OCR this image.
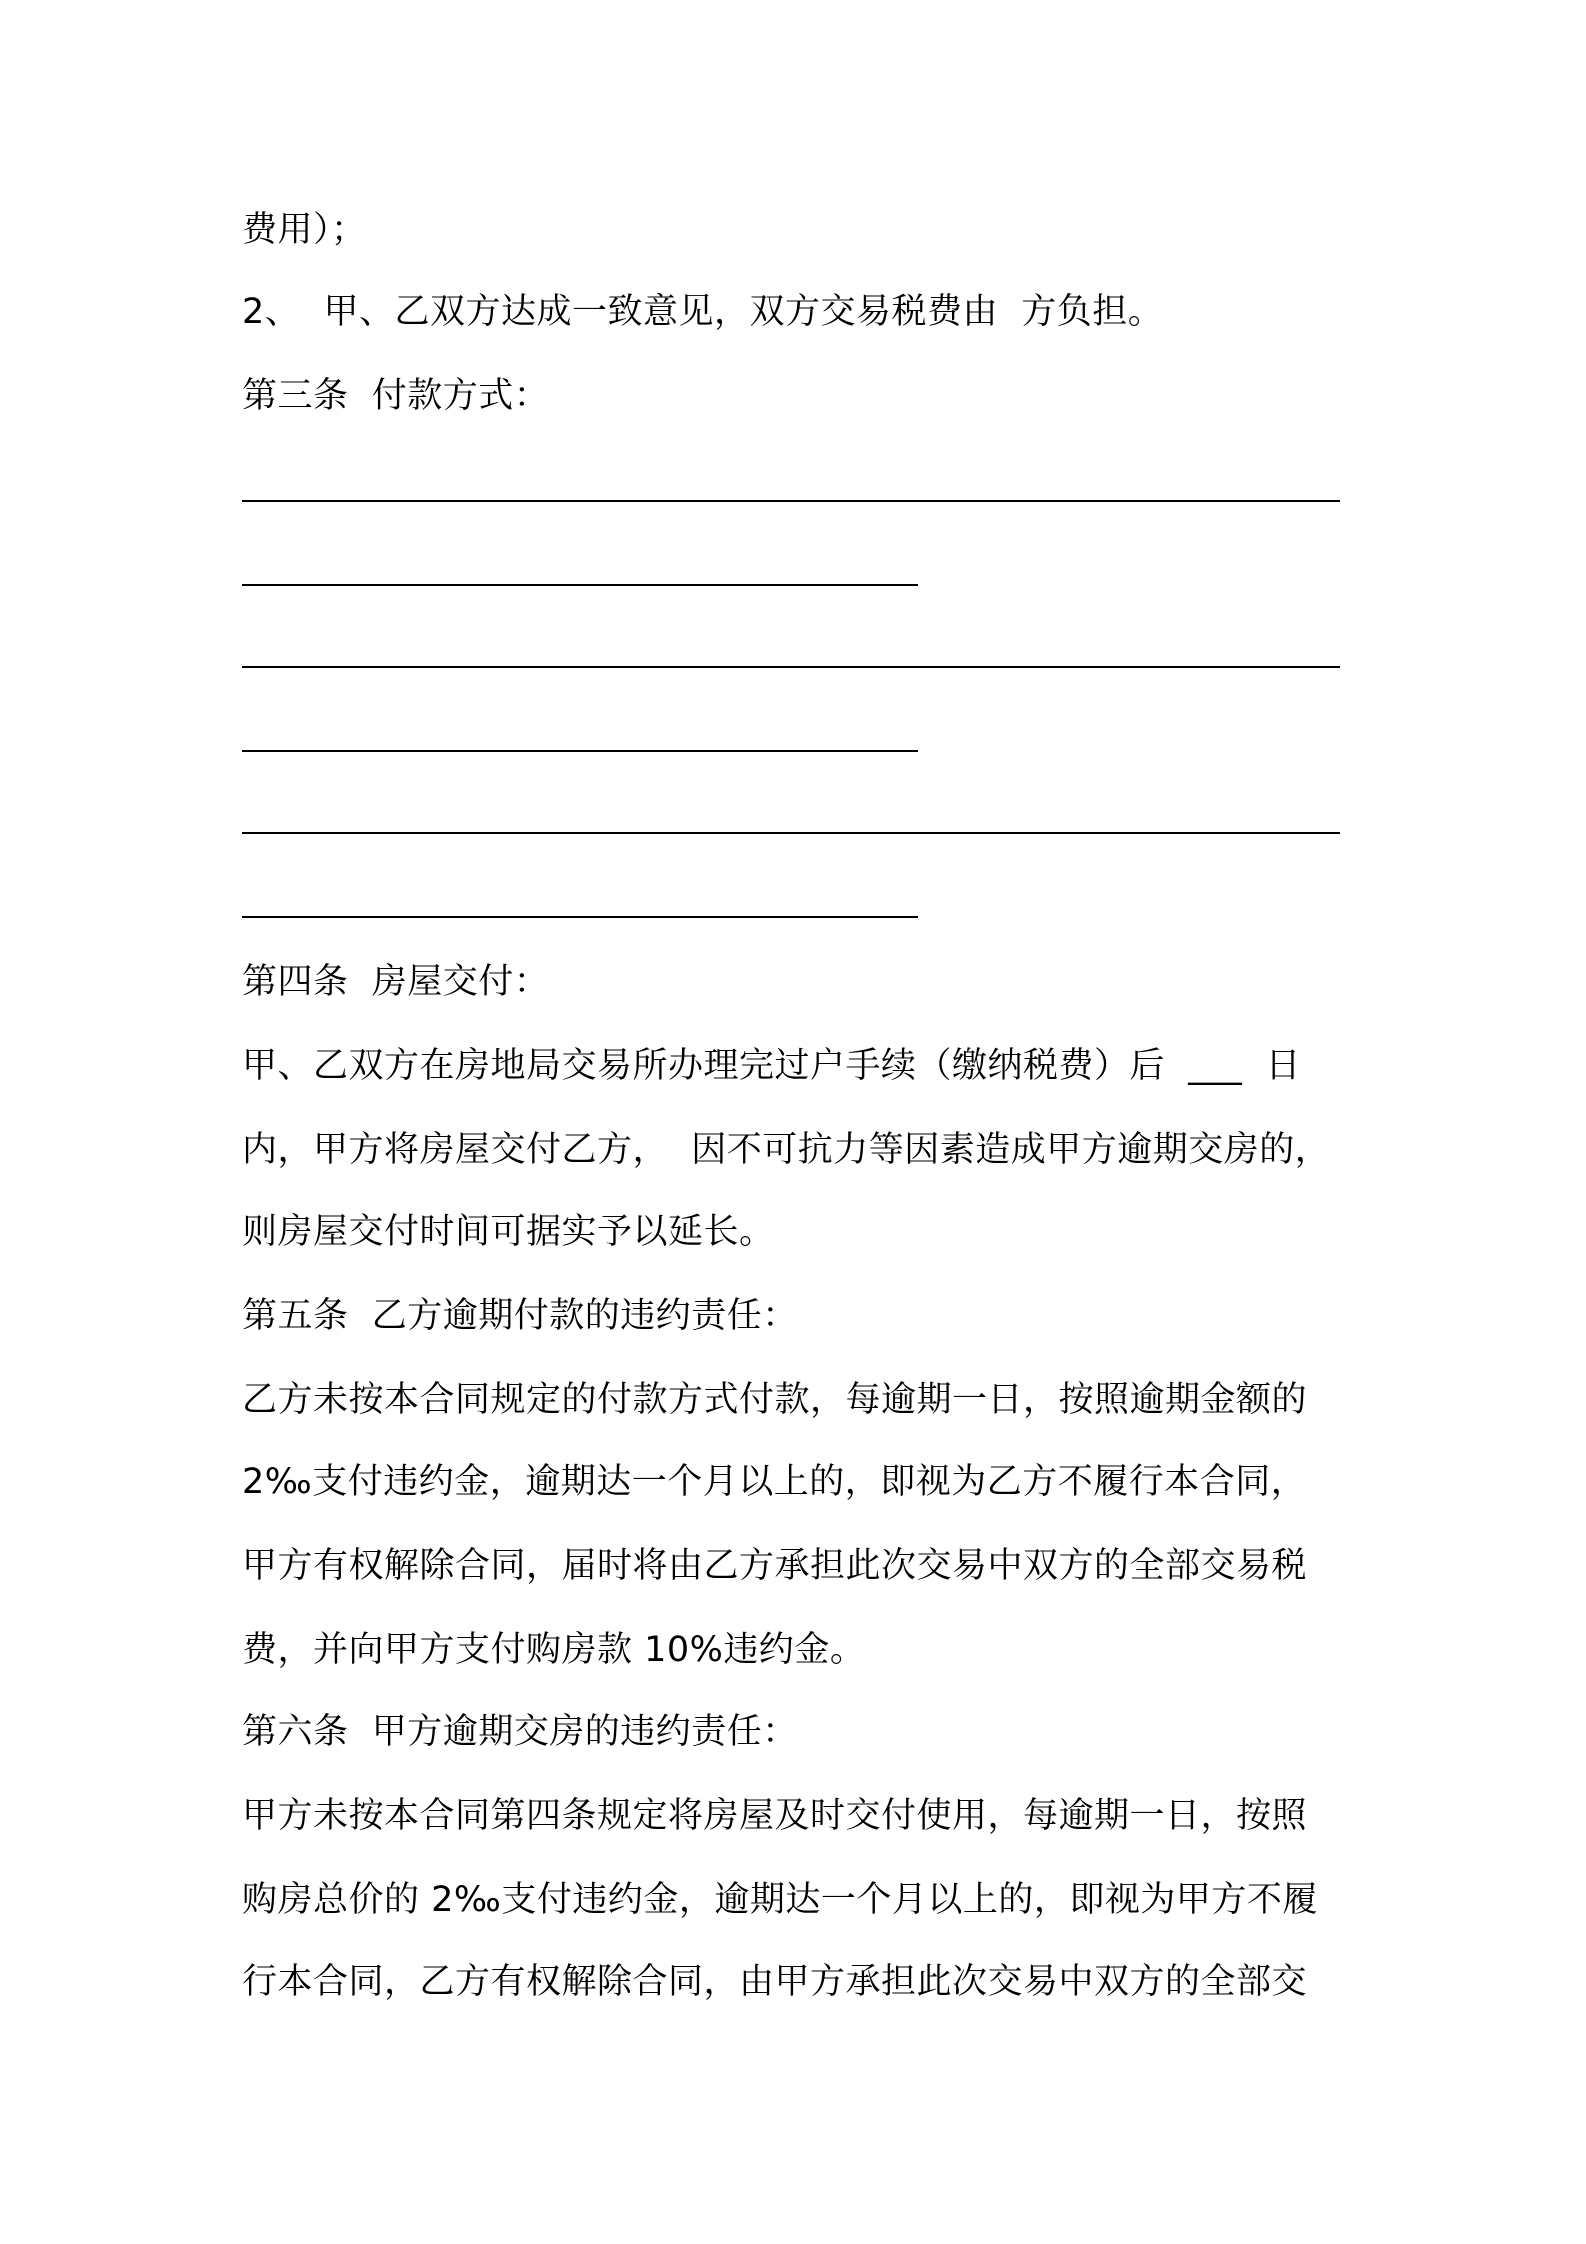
费用）；
2、  甲、乙双方达成一致意见，双方交易税费由  方负担。
第三条  付款方式：
第四条  房屋交付：
甲、乙双方在房地局交易所办理完过户手续（缴纳税费）后  ___  日
内，甲方将房屋交付乙方，  因不可抗力等因素造成甲方逾期交房的，
则房屋交付时间可据实予以延长。
第五条  乙方逾期付款的违约责任：
乙方未按本合同规定的付款方式付款，每逾期一日，按照逾期金额的
2‰支付违约金，逾期达一个月以上的，即视为乙方不履行本合同，
甲方有权解除合同，届时将由乙方承担此次交易中双方的全部交易税
费，并向甲方支付购房款 10%违约金。
第六条  甲方逾期交房的违约责任：
甲方未按本合同第四条规定将房屋及时交付使用，每逾期一日，按照
购房总价的 2‰支付违约金，逾期达一个月以上的，即视为甲方不履
行本合同，乙方有权解除合同，由甲方承担此次交易中双方的全部交
